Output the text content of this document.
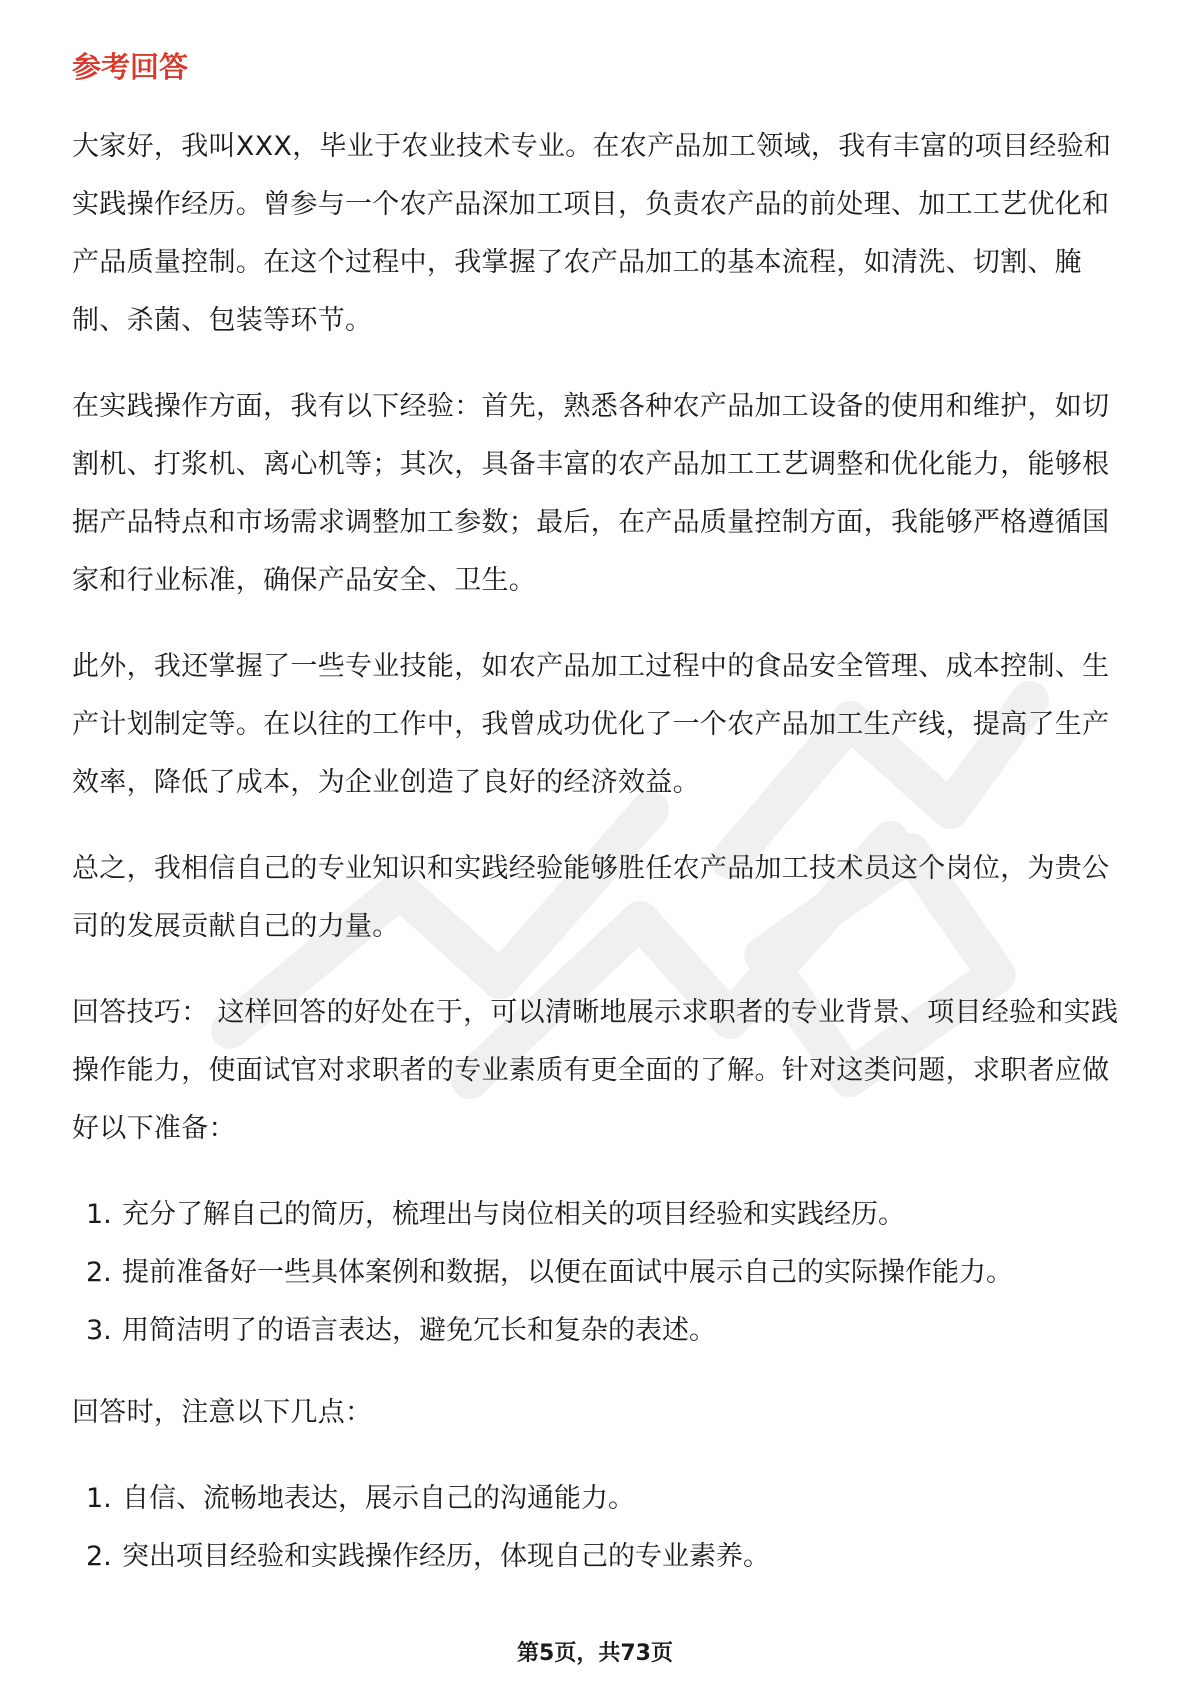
参考回答

大家好，我叫XXX，毕业于农业技术专业。在农产品加工领域，我有丰富的项目经验和实践操作经历。曾参与一个农产品深加工项目，负责农产品的前处理、加工工艺优化和产品质量控制。在这个过程中，我掌握了农产品加工的基本流程，如清洗、切割、腌制、杀菌、包装等环节。

在实践操作方面，我有以下经验：首先，熟悉各种农产品加工设备的使用和维护，如切割机、打浆机、离心机等；其次，具备丰富的农产品加工工艺调整和优化能力，能够根据产品特点和市场需求调整加工参数；最后，在产品质量控制方面，我能够严格遵循国家和行业标准，确保产品安全、卫生。

此外，我还掌握了一些专业技能，如农产品加工过程中的食品安全管理、成本控制、生产计划制定等。在以往的工作中，我曾成功优化了一个农产品加工生产线，提高了生产效率，降低了成本，为企业创造了良好的经济效益。

总之，我相信自己的专业知识和实践经验能够胜任农产品加工技术员这个岗位，为贵公司的发展贡献自己的力量。

回答技巧： 这样回答的好处在于，可以清晰地展示求职者的专业背景、项目经验和实践操作能力，使面试官对求职者的专业素质有更全面的了解。针对这类问题，求职者应做好以下准备：

1. 充分了解自己的简历，梳理出与岗位相关的项目经验和实践经历。
2. 提前准备好一些具体案例和数据，以便在面试中展示自己的实际操作能力。
3. 用简洁明了的语言表达，避免冗长和复杂的表述。

回答时，注意以下几点：

1. 自信、流畅地表达，展示自己的沟通能力。
2. 突出项目经验和实践操作经历，体现自己的专业素养。
第5页，共73页
